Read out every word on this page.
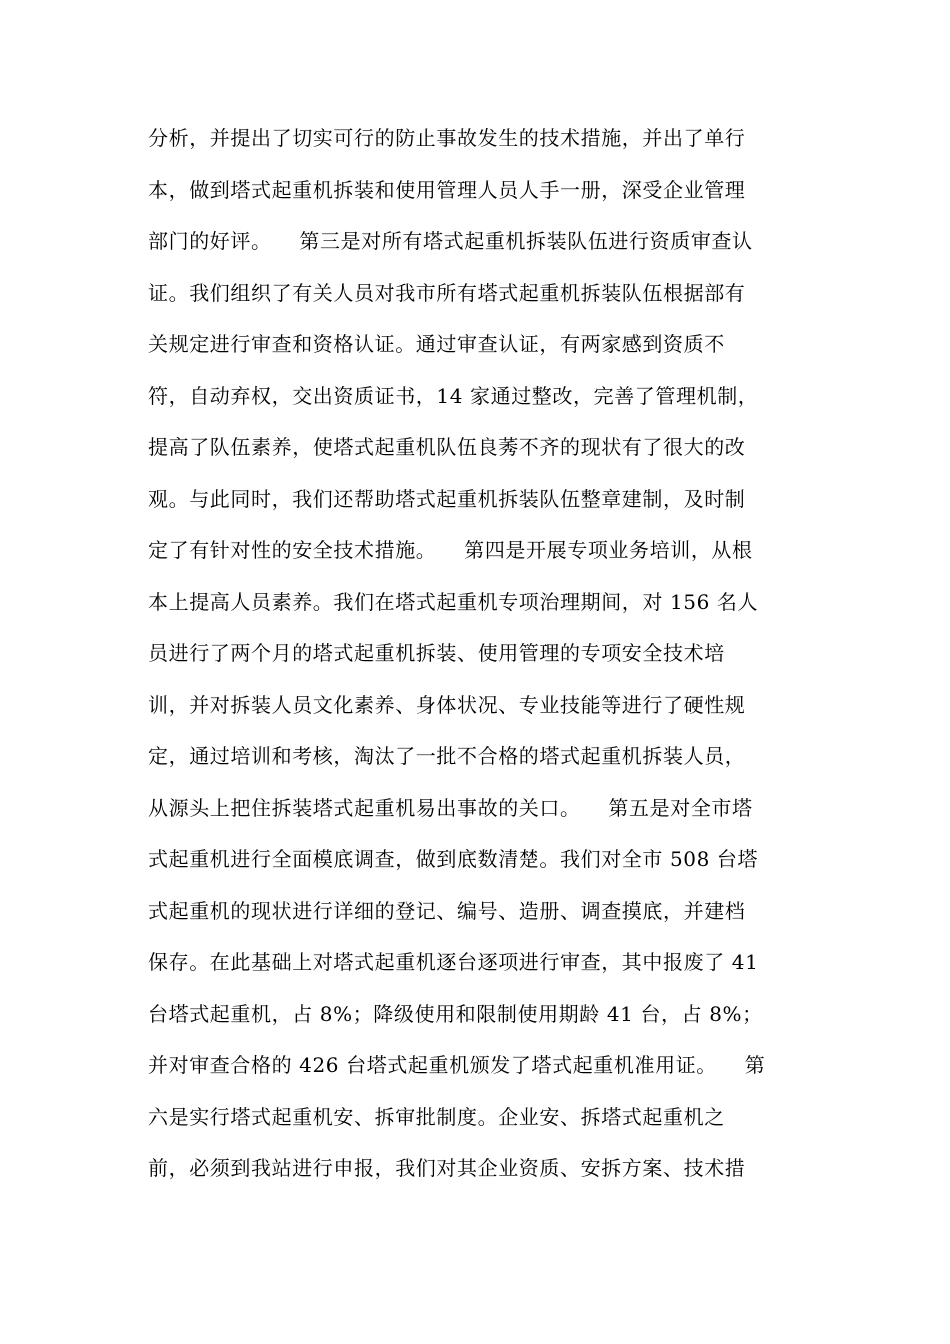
分析，并提出了切实可行的防止事故发生的技术措施，并出了单行
本，做到塔式起重机拆装和使用管理人员人手一册，深受企业管理
部门的好评。    第三是对所有塔式起重机拆装队伍进行资质审查认
证。我们组织了有关人员对我市所有塔式起重机拆装队伍根据部有
关规定进行审查和资格认证。通过审查认证，有两家感到资质不
符，自动弃权，交出资质证书，14 家通过整改，完善了管理机制，
提高了队伍素养，使塔式起重机队伍良莠不齐的现状有了很大的改
观。与此同时，我们还帮助塔式起重机拆装队伍整章建制，及时制
定了有针对性的安全技术措施。    第四是开展专项业务培训，从根
本上提高人员素养。我们在塔式起重机专项治理期间，对 156 名人
员进行了两个月的塔式起重机拆装、使用管理的专项安全技术培
训，并对拆装人员文化素养、身体状况、专业技能等进行了硬性规
定，通过培训和考核，淘汰了一批不合格的塔式起重机拆装人员，
从源头上把住拆装塔式起重机易出事故的关口。    第五是对全市塔
式起重机进行全面模底调查，做到底数清楚。我们对全市 508 台塔
式起重机的现状进行详细的登记、编号、造册、调查摸底，并建档
保存。在此基础上对塔式起重机逐台逐项进行审查，其中报废了 41
台塔式起重机，占 8%；降级使用和限制使用期龄 41 台，占 8%；
并对审查合格的 426 台塔式起重机颁发了塔式起重机准用证。    第
六是实行塔式起重机安、拆审批制度。企业安、拆塔式起重机之
前，必须到我站进行申报，我们对其企业资质、安拆方案、技术措
